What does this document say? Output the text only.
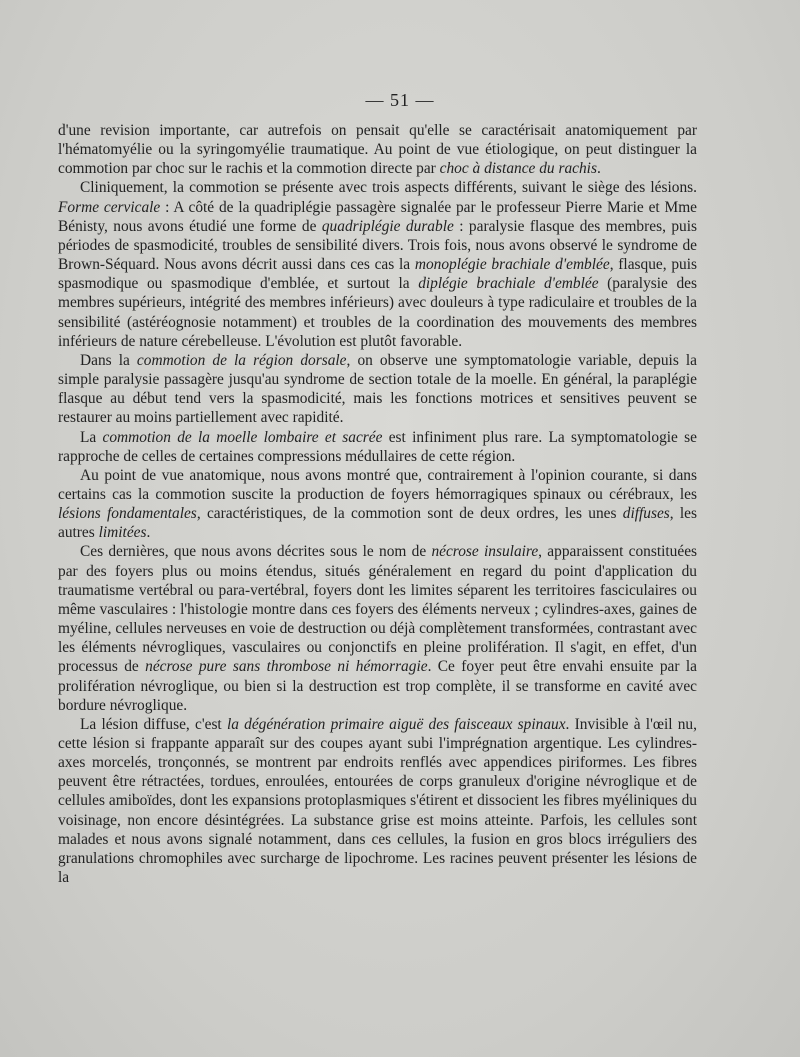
— 51 —

d'une revision importante, car autrefois on pensait qu'elle se caractérisait anatomiquement par l'hématomyélie ou la syringomyélie traumatique. Au point de vue étiologique, on peut distinguer la commotion par choc sur le rachis et la commotion directe par choc à distance du rachis.

Cliniquement, la commotion se présente avec trois aspects différents, suivant le siège des lésions. Forme cervicale : A côté de la quadriplégie passagère signalée par le professeur Pierre Marie et Mme Bénisty, nous avons étudié une forme de quadriplégie durable : paralysie flasque des membres, puis périodes de spasmodicité, troubles de sensibilité divers. Trois fois, nous avons observé le syndrome de Brown-Séquard. Nous avons décrit aussi dans ces cas la monoplégie brachiale d'emblée, flasque, puis spasmodique ou spasmodique d'emblée, et surtout la diplégie brachiale d'emblée (paralysie des membres supérieurs, intégrité des membres inférieurs) avec douleurs à type radiculaire et troubles de la sensibilité (astéréognosie notamment) et troubles de la coordination des mouvements des membres inférieurs de nature cérebelleuse. L'évolution est plutôt favorable.

Dans la commotion de la région dorsale, on observe une symptomatologie variable, depuis la simple paralysie passagère jusqu'au syndrome de section totale de la moelle. En général, la paraplégie flasque au début tend vers la spasmodicité, mais les fonctions motrices et sensitives peuvent se restaurer au moins partiellement avec rapidité.

La commotion de la moelle lombaire et sacrée est infiniment plus rare. La symptomatologie se rapproche de celles de certaines compressions médullaires de cette région.

Au point de vue anatomique, nous avons montré que, contrairement à l'opinion courante, si dans certains cas la commotion suscite la production de foyers hémorragiques spinaux ou cérébraux, les lésions fondamentales, caractéristiques, de la commotion sont de deux ordres, les unes diffuses, les autres limitées.

Ces dernières, que nous avons décrites sous le nom de nécrose insulaire, apparaissent constituées par des foyers plus ou moins étendus, situés généralement en regard du point d'application du traumatisme vertébral ou para-vertébral, foyers dont les limites séparent les territoires fasciculaires ou même vasculaires : l'histologie montre dans ces foyers des éléments nerveux ; cylindres-axes, gaines de myéline, cellules nerveuses en voie de destruction ou déjà complètement transformées, contrastant avec les éléments névrogliques, vasculaires ou conjonctifs en pleine prolifération. Il s'agit, en effet, d'un processus de nécrose pure sans thrombose ni hémorragie. Ce foyer peut être envahi ensuite par la prolifération névroglique, ou bien si la destruction est trop complète, il se transforme en cavité avec bordure névroglique.

La lésion diffuse, c'est la dégénération primaire aiguë des faisceaux spinaux. Invisible à l'œil nu, cette lésion si frappante apparaît sur des coupes ayant subi l'imprégnation argentique. Les cylindres-axes morcelés, tronçonnés, se montrent par endroits renflés avec appendices piriformes. Les fibres peuvent être rétractées, tordues, enroulées, entourées de corps granuleux d'origine névroglique et de cellules amiboïdes, dont les expansions protoplasmiques s'étirent et dissocient les fibres myéliniques du voisinage, non encore désintégrées. La substance grise est moins atteinte. Parfois, les cellules sont malades et nous avons signalé notamment, dans ces cellules, la fusion en gros blocs irréguliers des granulations chromophiles avec surcharge de lipochrome. Les racines peuvent présenter les lésions de la
